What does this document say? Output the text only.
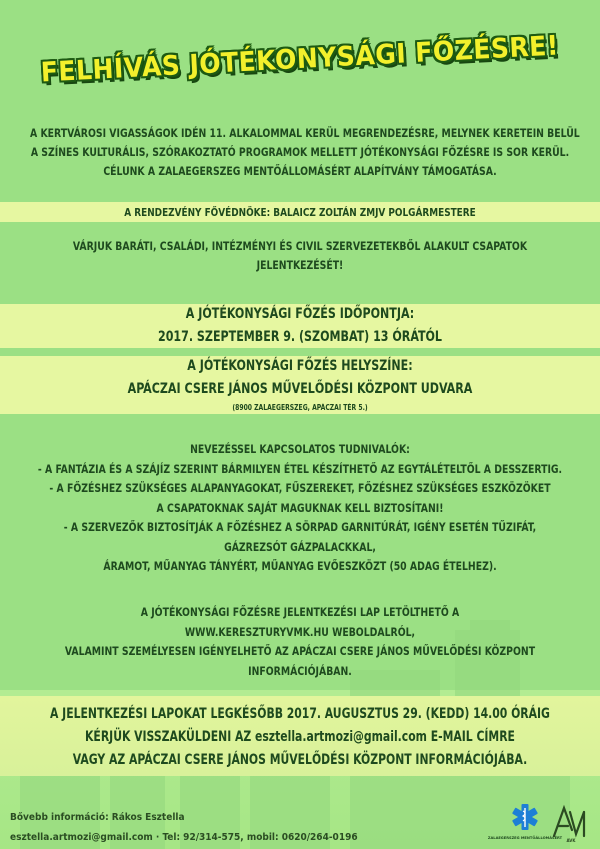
FELHÍVÁS JÓTÉKONYSÁGI FŐZÉSRE!
A KERTVÁROSI VIGASSÁGOK IDÉN 11. ALKALOMMAL KERÜL MEGRENDEZÉSRE, MELYNEK KERETEIN BELÜL
A SZÍNES KULTURÁLIS, SZÓRAKOZTATÓ PROGRAMOK MELLETT JÓTÉKONYSÁGI FŐZÉSRE IS SOR KERÜL.
CÉLUNK A ZALAEGERSZEG MENTŐÁLLOMÁSÉRT ALAPÍTVÁNY TÁMOGATÁSA.
A RENDEZVÉNY FŐVÉDNÖKE: BALAICZ ZOLTÁN ZMJV POLGÁRMESTERE
VÁRJUK BARÁTI, CSALÁDI, INTÉZMÉNYI ÉS CIVIL SZERVEZETEKBŐL ALAKULT CSAPATOK
JELENTKEZÉSÉT!
A JÓTÉKONYSÁGI FŐZÉS IDŐPONTJA:
2017. SZEPTEMBER 9. (SZOMBAT) 13 ÓRÁTÓL
A JÓTÉKONYSÁGI FŐZÉS HELYSZÍNE:
APÁCZAI CSERE JÁNOS MŰVELŐDÉSI KÖZPONT UDVARA
(8900 ZALAEGERSZEG, APÁCZAI TÉR 5.)
NEVEZÉSSEL KAPCSOLATOS TUDNIVALÓK:
- A FANTÁZIA ÉS A SZÁJÍZ SZERINT BÁRMILYEN ÉTEL KÉSZÍTHETŐ AZ EGYTÁLÉTELTŐL A DESSZERTIG.
- A FŐZÉSHEZ SZÜKSÉGES ALAPANYAGOKAT, FŰSZEREKET, FŐZÉSHEZ SZÜKSÉGES ESZKÖZÖKET
A CSAPATOKNAK SAJÁT MAGUKNAK KELL BIZTOSÍTANI!
- A SZERVEZŐK BIZTOSÍTJÁK A FŐZÉSHEZ A SÖRPAD GARNITÚRÁT, IGÉNY ESETÉN TŰZIFÁT,
GÁZREZSÓT GÁZPALACKKAL,
ÁRAMOT, MŰANYAG TÁNYÉRT, MŰANYAG EVŐESZKÖZT (50 ADAG ÉTELHEZ).
A JÓTÉKONYSÁGI FŐZÉSRE JELENTKEZÉSI LAP LETÖLTHETŐ A
WWW.KERESZTURYVMK.HU WEBOLDALRÓL,
VALAMINT SZEMÉLYESEN IGÉNYELHETŐ AZ APÁCZAI CSERE JÁNOS MŰVELŐDÉSI KÖZPONT
INFORMÁCIÓJÁBAN.
A JELENTKEZÉSI LAPOKAT LEGKÉSŐBB 2017. AUGUSZTUS 29. (KEDD) 14.00 ÓRÁIG
KÉRJÜK VISSZAKÜLDENI AZ esztella.artmozi@gmail.com E-MAIL CÍMRE
VAGY AZ APÁCZAI CSERE JÁNOS MŰVELŐDÉSI KÖZPONT INFORMÁCIÓJÁBA.
Bővebb információ: Rákos Esztella
esztella.artmozi@gmail.com · Tel: 92/314-575, mobil: 0620/264-0196	ZALAEGERSZEG MENTŐÁLLOMÁSÉRT AVK
